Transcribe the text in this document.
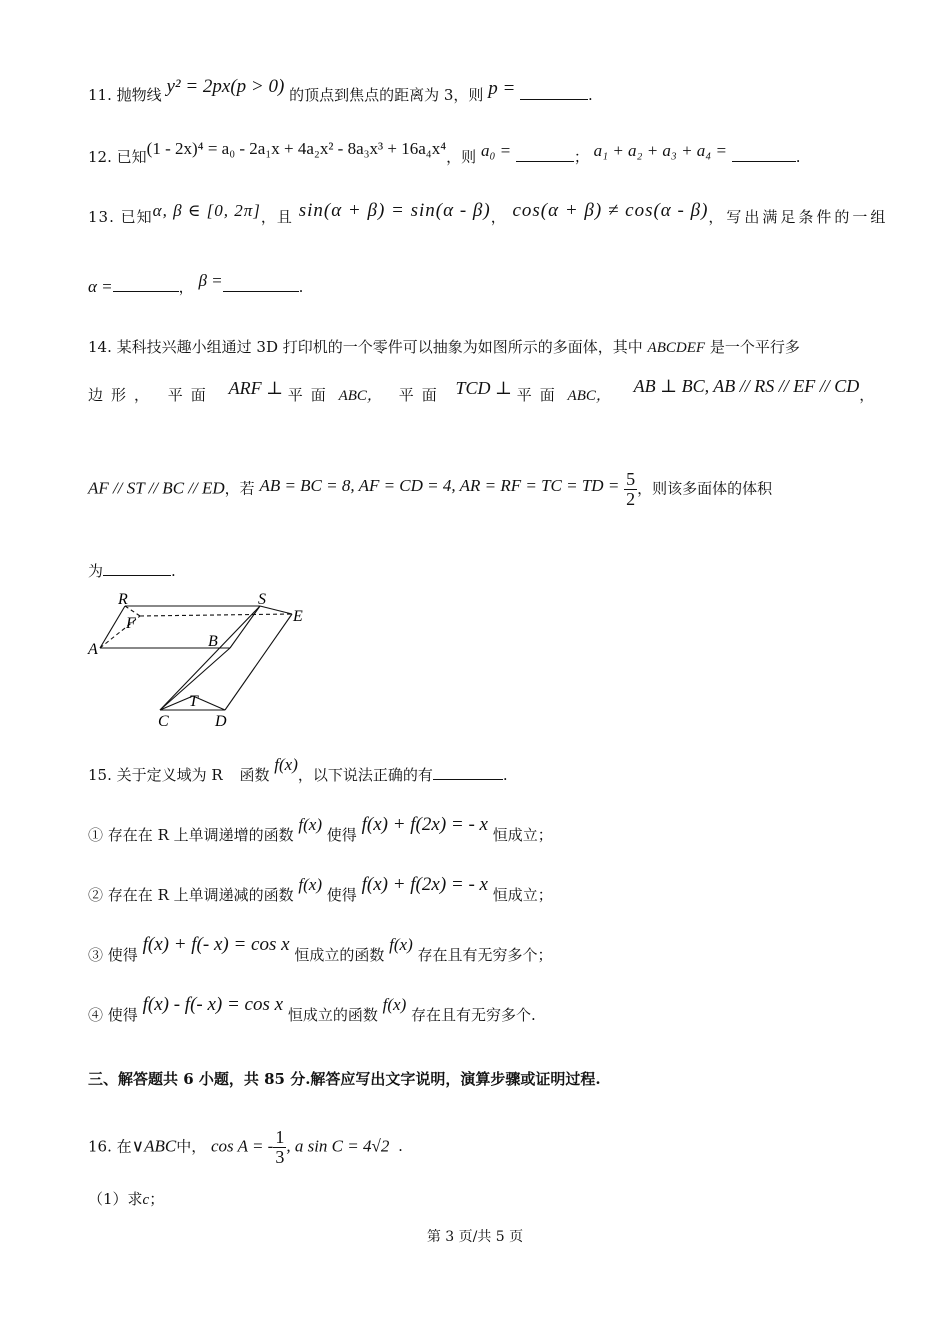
11. 抛物线 y² = 2px(p > 0) 的顶点到焦点的距离为 3，则 p =	.
12. 已知(1 - 2x)⁴ = a₀ - 2a₁x + 4a₂x² - 8a₃x³ + 16a₄x⁴，则 a₀ =	； a₁ + a₂ + a₃ + a₄ =	.
13. 已知α, β ∈ [0, 2π]，且 sin(α + β) = sin(α - β)， cos(α + β) ≠ cos(α - β)，写出满足条件的一组
α =	， β =	.
14. 某科技兴趣小组通过 3D 打印机的一个零件可以抽象为如图所示的多面体，其中 ABCDEF 是一个平行多
边形， 平面 ARF ⊥ 平面 ABC， 平面 TCD ⊥ 平面 ABC， AB ⊥ BC, AB // RS // EF // CD，
AF // ST // BC // ED，若 AB = BC = 8, AF = CD = 4, AR = RF = TC = TD = $\frac{5}{2}$ ，则该多面体的体积
为	.
R	S
E
F
A	B
T
C	D
15. 关于定义域为 R 函数 f(x)，以下说法正确的有	.
① 存在在 R 上单调递增的函数 f(x) 使得 f(x) + f(2x) = - x 恒成立；
② 存在在 R 上单调递减的函数 f(x) 使得 f(x) + f(2x) = - x 恒成立；
③ 使得 f(x) + f(- x) = cos x 恒成立的函数 f(x) 存在且有无穷多个；
④ 使得 f(x) - f(- x) = cos x 恒成立的函数 f(x) 存在且有无穷多个.
三、解答题共 6 小题，共 85 分.解答应写出文字说明，演算步骤或证明过程.
16. 在∨ABC中， cos A = - $\frac{1}{3}$ , a sin C = 4√2 .
（1）求c；
第 3 页/共 5 页
